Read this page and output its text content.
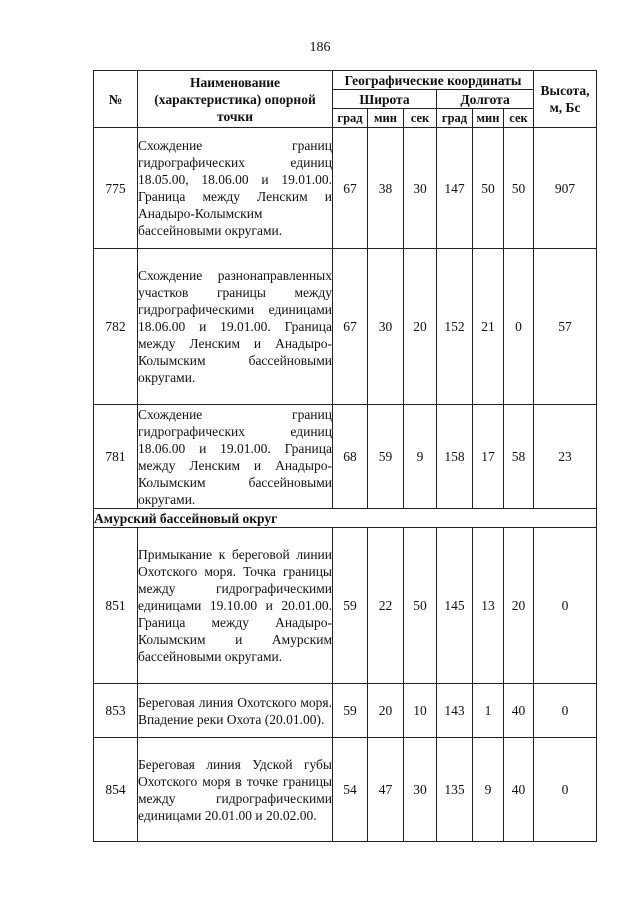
186
№	Наименование (характеристика) опорной точки	Географические координаты						Высота, м, Бс
		Широта			Долгота			
		град	мин	сек	град	мин	сек	
775	Схождение границ гидрографических единиц 18.05.00, 18.06.00 и 19.01.00. Граница между Ленским и Анадыро-Колымским бассейновыми округами.	67	38	30	147	50	50	907
782	Схождение разнонаправленных участков границы между гидрографическими единицами 18.06.00 и 19.01.00. Граница между Ленским и Анадыро-Колымским бассейновыми округами.	67	30	20	152	21	0	57
781	Схождение границ гидрографических единиц 18.06.00 и 19.01.00. Граница между Ленским и Анадыро-Колымским бассейновыми округами.	68	59	9	158	17	58	23
Амурский бассейновый округ								
851	Примыкание к береговой линии Охотского моря. Точка границы между гидрографическими единицами 19.10.00 и 20.01.00. Граница между Анадыро-Колымским и Амурским бассейновыми округами.	59	22	50	145	13	20	0
853	Береговая линия Охотского моря. Впадение реки Охота (20.01.00).	59	20	10	143	1	40	0
854	Береговая линия Удской губы Охотского моря в точке границы между гидрографическими единицами 20.01.00 и 20.02.00.	54	47	30	135	9	40	0
